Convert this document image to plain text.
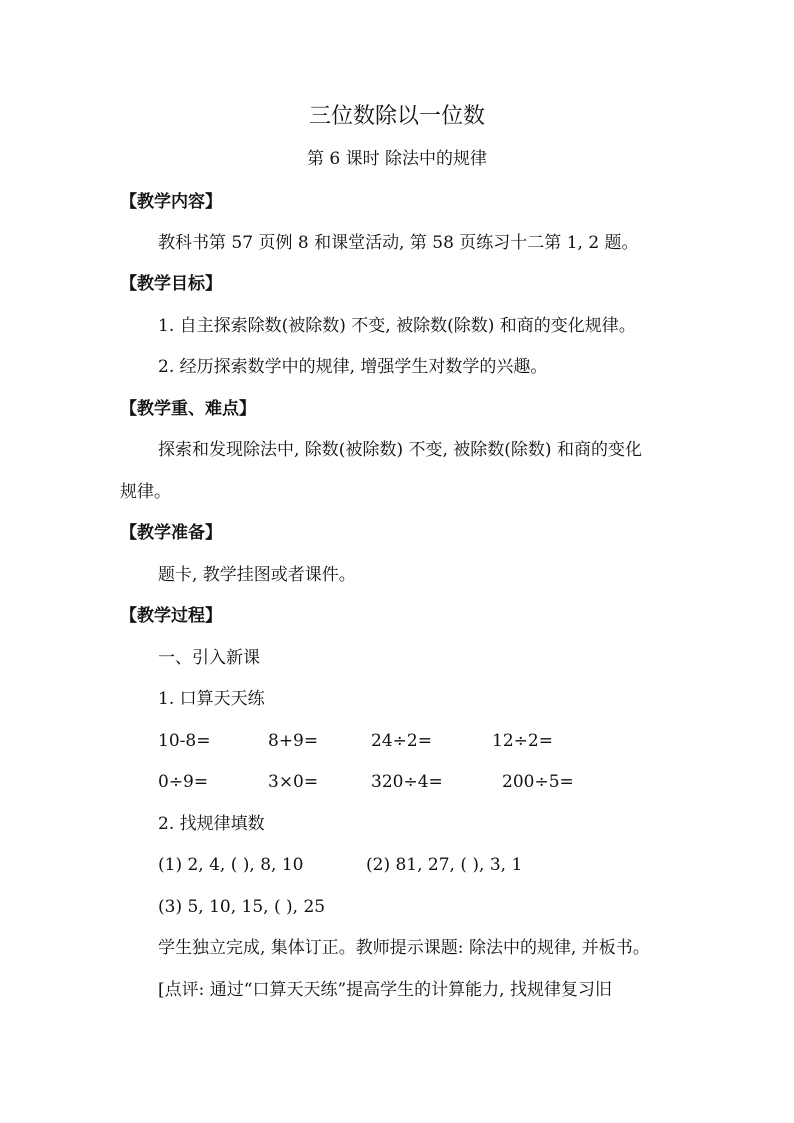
三位数除以一位数
第 6 课时 除法中的规律
【教学内容】
教科书第 57 页例 8 和课堂活动, 第 58 页练习十二第 1, 2 题。
【教学目标】
1. 自主探索除数(被除数) 不变, 被除数(除数) 和商的变化规律。
2. 经历探索数学中的规律, 增强学生对数学的兴趣。
【教学重、难点】
探索和发现除法中, 除数(被除数) 不变, 被除数(除数) 和商的变化
规律。
【教学准备】
题卡, 教学挂图或者课件。
【教学过程】
一、引入新课
1. 口算天天练
10-8=	8+9=	24÷2=	12÷2=
0÷9=	3×0=	320÷4=	200÷5=
2. 找规律填数
(1) 2, 4, ( ), 8, 10	(2) 81, 27, ( ), 3, 1
(3) 5, 10, 15, ( ), 25
学生独立完成, 集体订正。教师提示课题: 除法中的规律, 并板书。
[点评: 通过“口算天天练”提高学生的计算能力, 找规律复习旧
